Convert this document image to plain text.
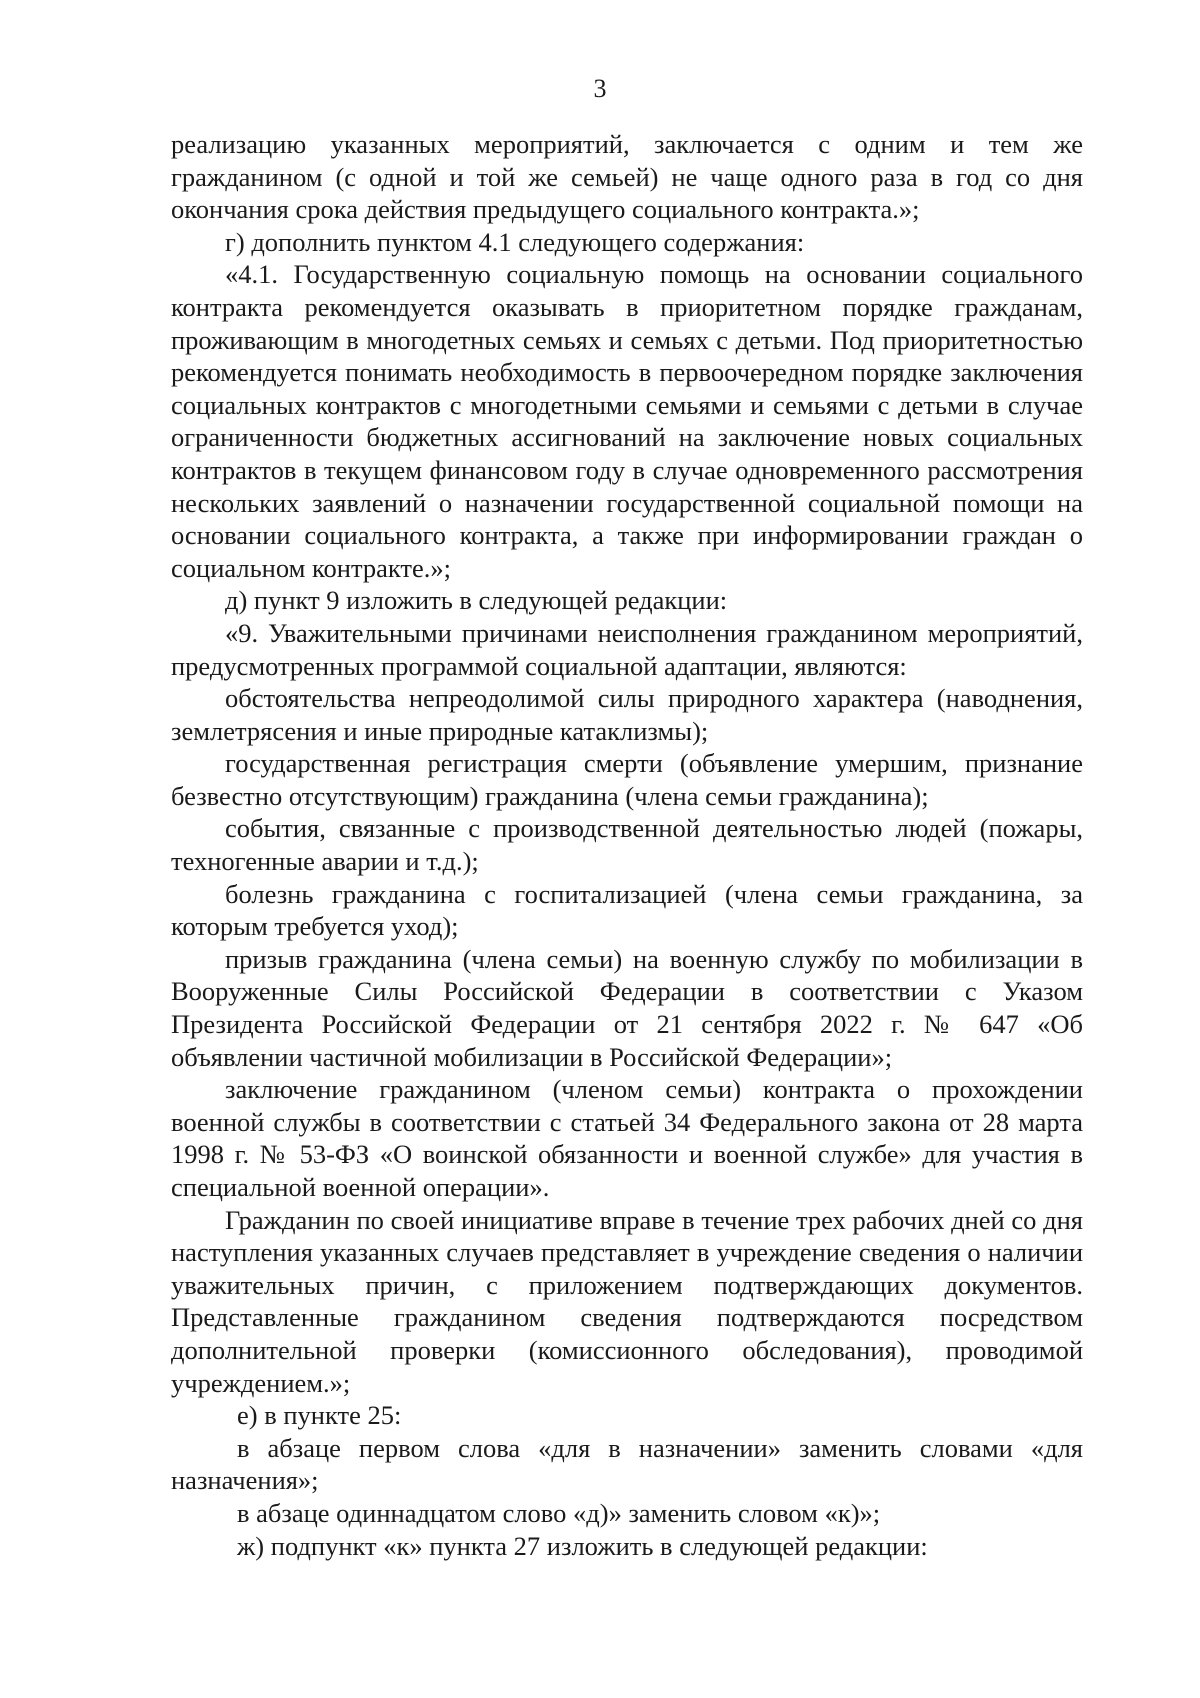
3

реализацию указанных мероприятий, заключается с одним и тем же гражданином (с одной и той же семьей) не чаще одного раза в год со дня окончания срока действия предыдущего социального контракта.»;

г) дополнить пунктом 4.1 следующего содержания:

«4.1. Государственную социальную помощь на основании социального контракта рекомендуется оказывать в приоритетном порядке гражданам, проживающим в многодетных семьях и семьях с детьми. Под приоритетностью рекомендуется понимать необходимость в первоочередном порядке заключения социальных контрактов с многодетными семьями и семьями с детьми в случае ограниченности бюджетных ассигнований на заключение новых социальных контрактов в текущем финансовом году в случае одновременного рассмотрения нескольких заявлений о назначении государственной социальной помощи на основании социального контракта, а также при информировании граждан о социальном контракте.»;

д) пункт 9 изложить в следующей редакции:

«9. Уважительными причинами неисполнения гражданином мероприятий, предусмотренных программой социальной адаптации, являются:

обстоятельства непреодолимой силы природного характера (наводнения, землетрясения и иные природные катаклизмы);

государственная регистрация смерти (объявление умершим, признание безвестно отсутствующим) гражданина (члена семьи гражданина);

события, связанные с производственной деятельностью людей (пожары, техногенные аварии и т.д.);

болезнь гражданина с госпитализацией (члена семьи гражданина, за которым требуется уход);

призыв гражданина (члена семьи) на военную службу по мобилизации в Вооруженные Силы Российской Федерации в соответствии с Указом Президента Российской Федерации от 21 сентября 2022 г. № 647 «Об объявлении частичной мобилизации в Российской Федерации»;

заключение гражданином (членом семьи) контракта о прохождении военной службы в соответствии с статьей 34 Федерального закона от 28 марта 1998 г. № 53-ФЗ «О воинской обязанности и военной службе» для участия в специальной военной операции».

Гражданин по своей инициативе вправе в течение трех рабочих дней со дня наступления указанных случаев представляет в учреждение сведения о наличии уважительных причин, с приложением подтверждающих документов. Представленные гражданином сведения подтверждаются посредством дополнительной проверки (комиссионного обследования), проводимой учреждением.»;

е) в пункте 25:

в абзаце первом слова «для в назначении» заменить словами «для назначения»;

в абзаце одиннадцатом слово «д)» заменить словом «к)»;

ж) подпункт «к» пункта 27 изложить в следующей редакции:
